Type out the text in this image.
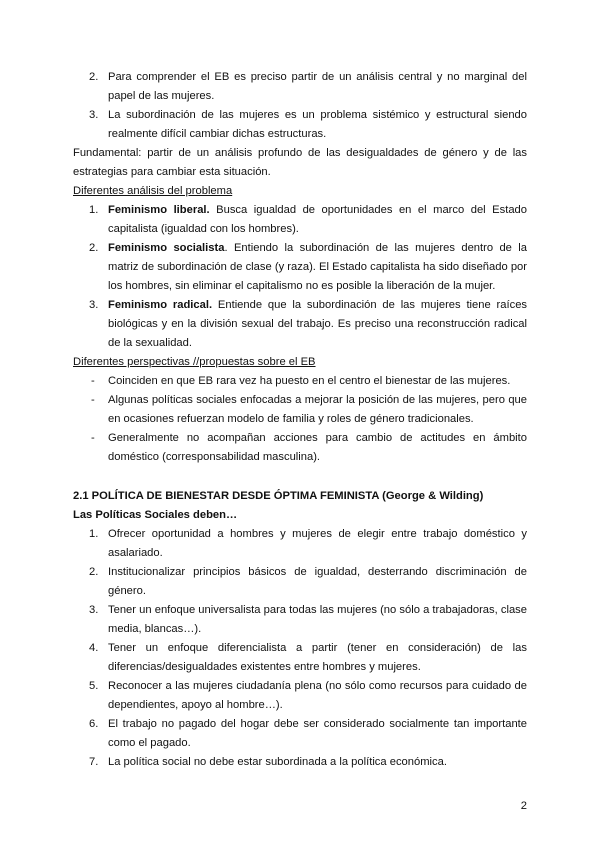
2. Para comprender el EB es preciso partir de un análisis central y no marginal del papel de las mujeres.
3. La subordinación de las mujeres es un problema sistémico y estructural siendo realmente difícil cambiar dichas estructuras.

Fundamental: partir de un análisis profundo de las desigualdades de género y de las estrategias para cambiar esta situación.

Diferentes análisis del problema
1. Feminismo liberal. Busca igualdad de oportunidades en el marco del Estado capitalista (igualdad con los hombres).
2. Feminismo socialista. Entiendo la subordinación de las mujeres dentro de la matriz de subordinación de clase (y raza). El Estado capitalista ha sido diseñado por los hombres, sin eliminar el capitalismo no es posible la liberación de la mujer.
3. Feminismo radical. Entiende que la subordinación de las mujeres tiene raíces biológicas y en la división sexual del trabajo. Es preciso una reconstrucción radical de la sexualidad.
Diferentes perspectivas //propuestas sobre el EB
- Coinciden en que EB rara vez ha puesto en el centro el bienestar de las mujeres.
- Algunas políticas sociales enfocadas a mejorar la posición de las mujeres, pero que en ocasiones refuerzan modelo de familia y roles de género tradicionales.
- Generalmente no acompañan acciones para cambio de actitudes en ámbito doméstico (corresponsabilidad masculina).
2.1 POLÍTICA DE BIENESTAR DESDE ÓPTIMA FEMINISTA (George & Wilding)
Las Políticas Sociales deben…
1. Ofrecer oportunidad a hombres y mujeres de elegir entre trabajo doméstico y asalariado.
2. Institucionalizar principios básicos de igualdad, desterrando discriminación de género.
3. Tener un enfoque universalista para todas las mujeres (no sólo a trabajadoras, clase media, blancas…).
4. Tener un enfoque diferencialista a partir (tener en consideración) de las diferencias/desigualdades existentes entre hombres y mujeres.
5. Reconocer a las mujeres ciudadanía plena (no sólo como recursos para cuidado de dependientes, apoyo al hombre…).
6. El trabajo no pagado del hogar debe ser considerado socialmente tan importante como el pagado.
7. La política social no debe estar subordinada a la política económica.
2
